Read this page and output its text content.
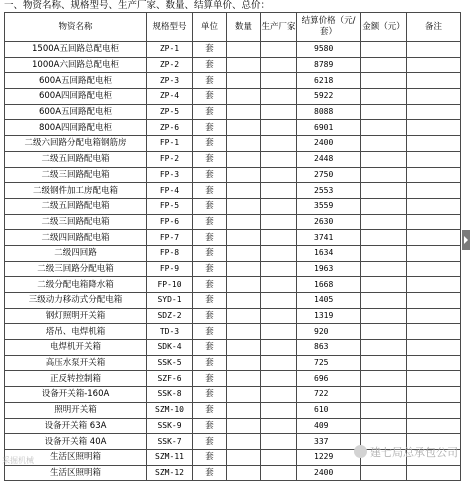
一、物资名称、规格型号、生产厂家、数量、结算单价、总价：
物资名称	规格型号	单位	数量	生产厂家	结算价格（元/套）	金额（元）	备注
1500A五回路总配电柜	ZP-1	套			9580		
1000A六回路总配电柜	ZP-2	套			8789		
600A五回路配电柜	ZP-3	套			6218		
600A四回路配电柜	ZP-4	套			5922		
600A五回路配电柜	ZP-5	套			8088		
800A四回路配电柜	ZP-6	套			6901		
二级六回路分配电箱钢筋房	FP-1	套			2400		
二级五回路配电箱	FP-2	套			2448		
二级三回路配电箱	FP-3	套			2750		
二级钢件加工房配电箱	FP-4	套			2553		
二级五回路配电箱	FP-5	套			3559		
二级三回路配电箱	FP-6	套			2630		
二级四回路配电箱	FP-7	套			3741		
二级四回路	FP-8	套			1634		
二级三回路分配电箱	FP-9	套			1963		
二级分配电箱降水箱	FP-10	套			1668		
三级动力移动式分配电箱	SYD-1	套			1405		
钢灯照明开关箱	SDZ-2	套			1319		
塔吊、电焊机箱	TD-3	套			920		
电焊机开关箱	SDK-4	套			863		
高压水泵开关箱	SSK-5	套			725		
正反转控制箱	SZF-6	套			696		
设备开关箱-160A	SSK-8	套			722		
照明开关箱	SZM-10	套			610		
设备开关箱 63A	SSK-9	套			409		
设备开关箱 40A	SSK-7	套			337		
生活区照明箱	SZM-11	套			1229		
生活区照明箱	SZM-12	套			2400		
采掘机械
建七局总承包公司
